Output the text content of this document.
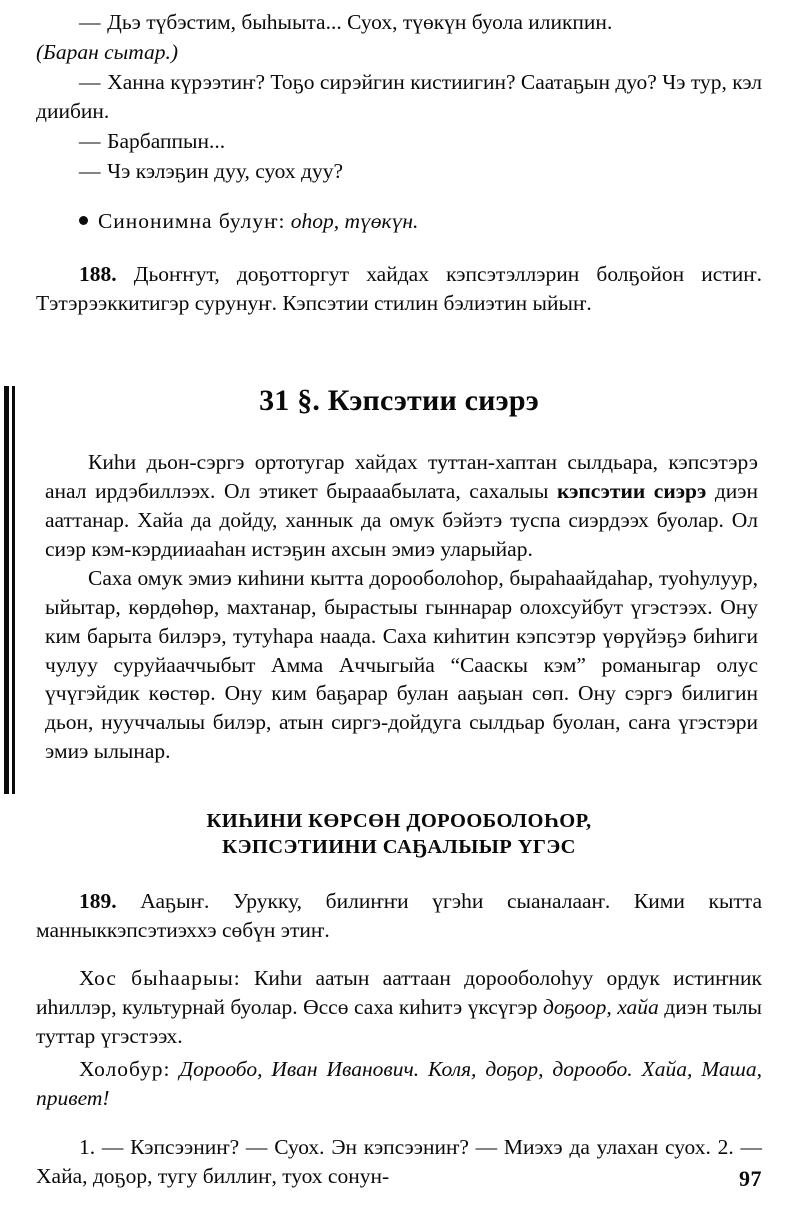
— Дьэ түбэстим, быһыыта... Суох, түөкүн буола иликпин.

(Баран сытар.)

— Ханна күрээтиҥ? Тоҕо сирэйгин кистиигин? Саатаҕын дуо? Чэ тур, кэл диибин.

— Барбаппын...

— Чэ кэлэҕин дуу, суох дуу?

Синонимна булуҥ: оһор, түөкүн.

188. Дьоҥҥут, доҕотторгут хайдах кэпсэтэллэрин болҕойон истиҥ. Тэтэрээккитигэр сурунуҥ. Кэпсэтии стилин бэлиэтин ыйыҥ.

31 §. Кэпсэтии сиэрэ

Киһи дьон-сэргэ ортотугар хайдах туттан-хаптан сылдьара, кэпсэтэрэ анал ирдэбиллээх. Ол этикет бырааабылата, сахалыы кэпсэтии сиэрэ диэн ааттанар. Хайа да дойду, ханнык да омук бэйэтэ туспа сиэрдээх буолар. Ол сиэр кэм-кэрдииааһан истэҕин ахсын эмиэ уларыйар.

Саха омук эмиэ киһини кытта дорооболоһор, быраһаайдаһар, туоһулуур, ыйытар, көрдөһөр, махтанар, бырастыы гыннарар олохсуйбут үгэстээх. Ону ким барыта билэрэ, тутуһара наада. Саха киһитин кэпсэтэр үөрүйэҕэ биһиги чулуу суруйааччыбыт Амма Аччыгыйа “Сааскы кэм” романыгар олус үчүгэйдик көстөр. Ону ким баҕарар булан ааҕыан сөп. Ону сэргэ билигин дьон, нууччалыы билэр, атын сиргэ-дойдуга сылдьар буолан, саҥа үгэстэри эмиэ ылынар.

КИҺИНИ КӨРСӨН ДОРООБОЛОҺОР,
КЭПСЭТИИНИ САҔАЛЫЫР ҮГЭС

189. Ааҕыҥ. Урукку, билиҥҥи үгэһи сыаналааҥ. Кими кытта манныккэпсэтиэххэ сөбүн этиҥ.

Хос быһаарыы: Киһи аатын ааттаан дорооболоһуу ордук истиҥник иһиллэр, культурнай буолар. Өссө саха киһитэ үксүгэр доҕоор, хайа диэн тылы туттар үгэстээх.

Холобур: Дорообо, Иван Иванович. Коля, доҕор, дорообо. Хайа, Маша, привет!

1. — Кэпсээниҥ? — Суох. Эн кэпсээниҥ? — Миэхэ да улахан суох. 2. — Хайа, доҕор, тугу биллиҥ, туох сонун-	97
